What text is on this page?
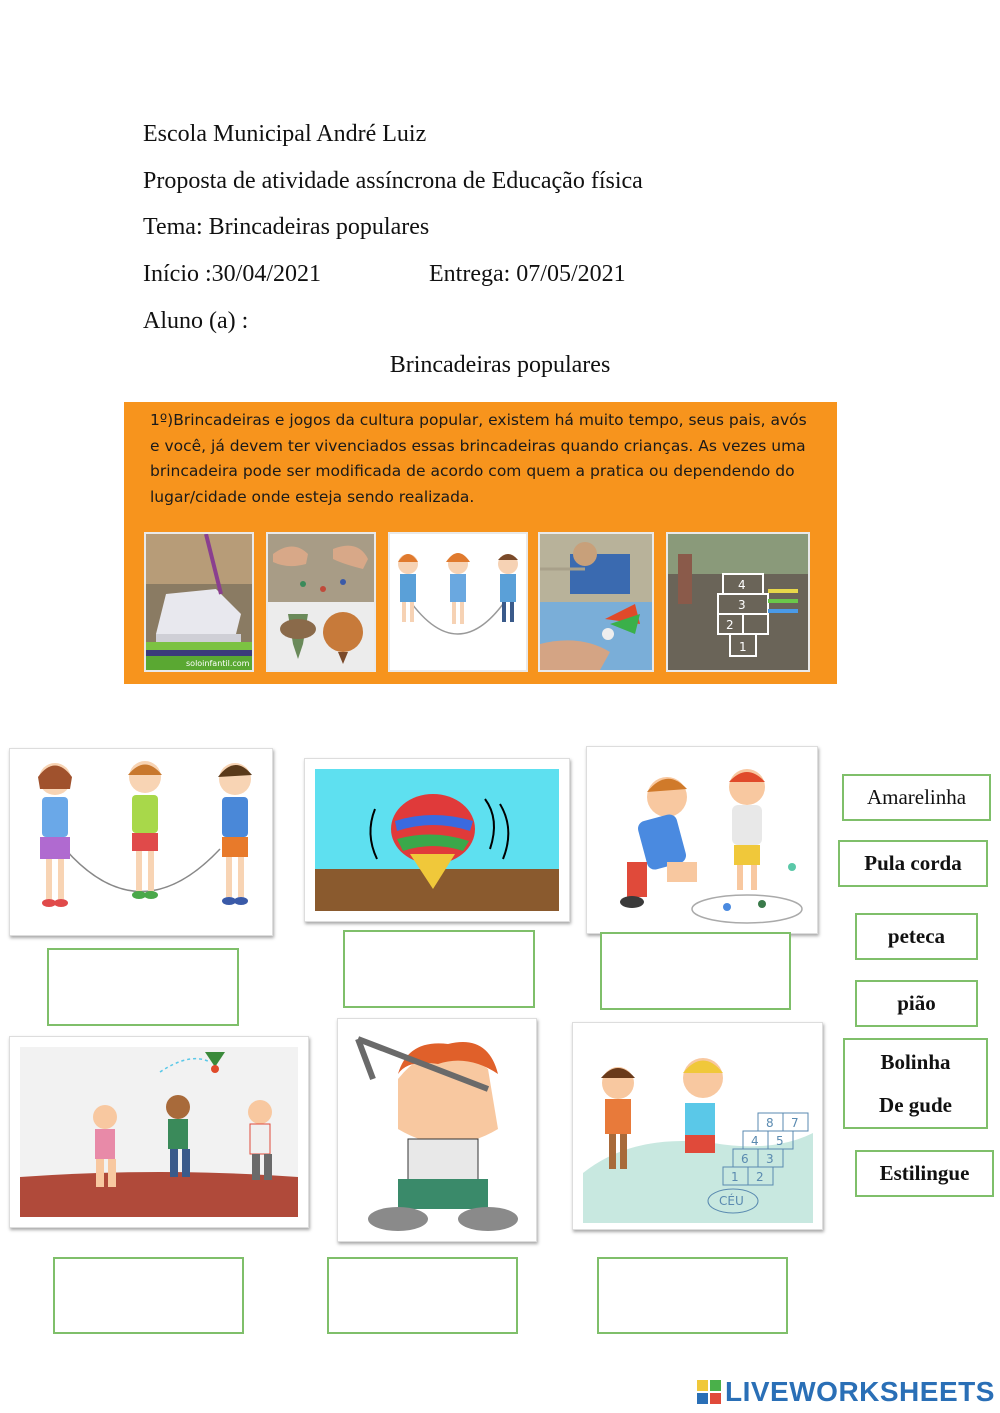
Escola Municipal André Luiz
Proposta de atividade assíncrona de Educação física
Tema: Brincadeiras populares
Início :30/04/2021	Entrega: 07/05/2021
Aluno (a) :
Brincadeiras populares
1º)Brincadeiras e jogos da cultura popular, existem há muito tempo, seus pais, avós e você, já devem ter vivenciados essas brincadeiras quando crianças. As vezes uma brincadeira pode ser modificada de acordo com quem a pratica ou dependendo do lugar/cidade onde esteja sendo realizada.
soloinfantil.com
4
3
2
1
Amarelinha
Pula corda
peteca
pião
Bolinha
De gude
Estilingue
8 7
4 5
6 3
1 2
CÉU
LIVEWORKSHEETS
